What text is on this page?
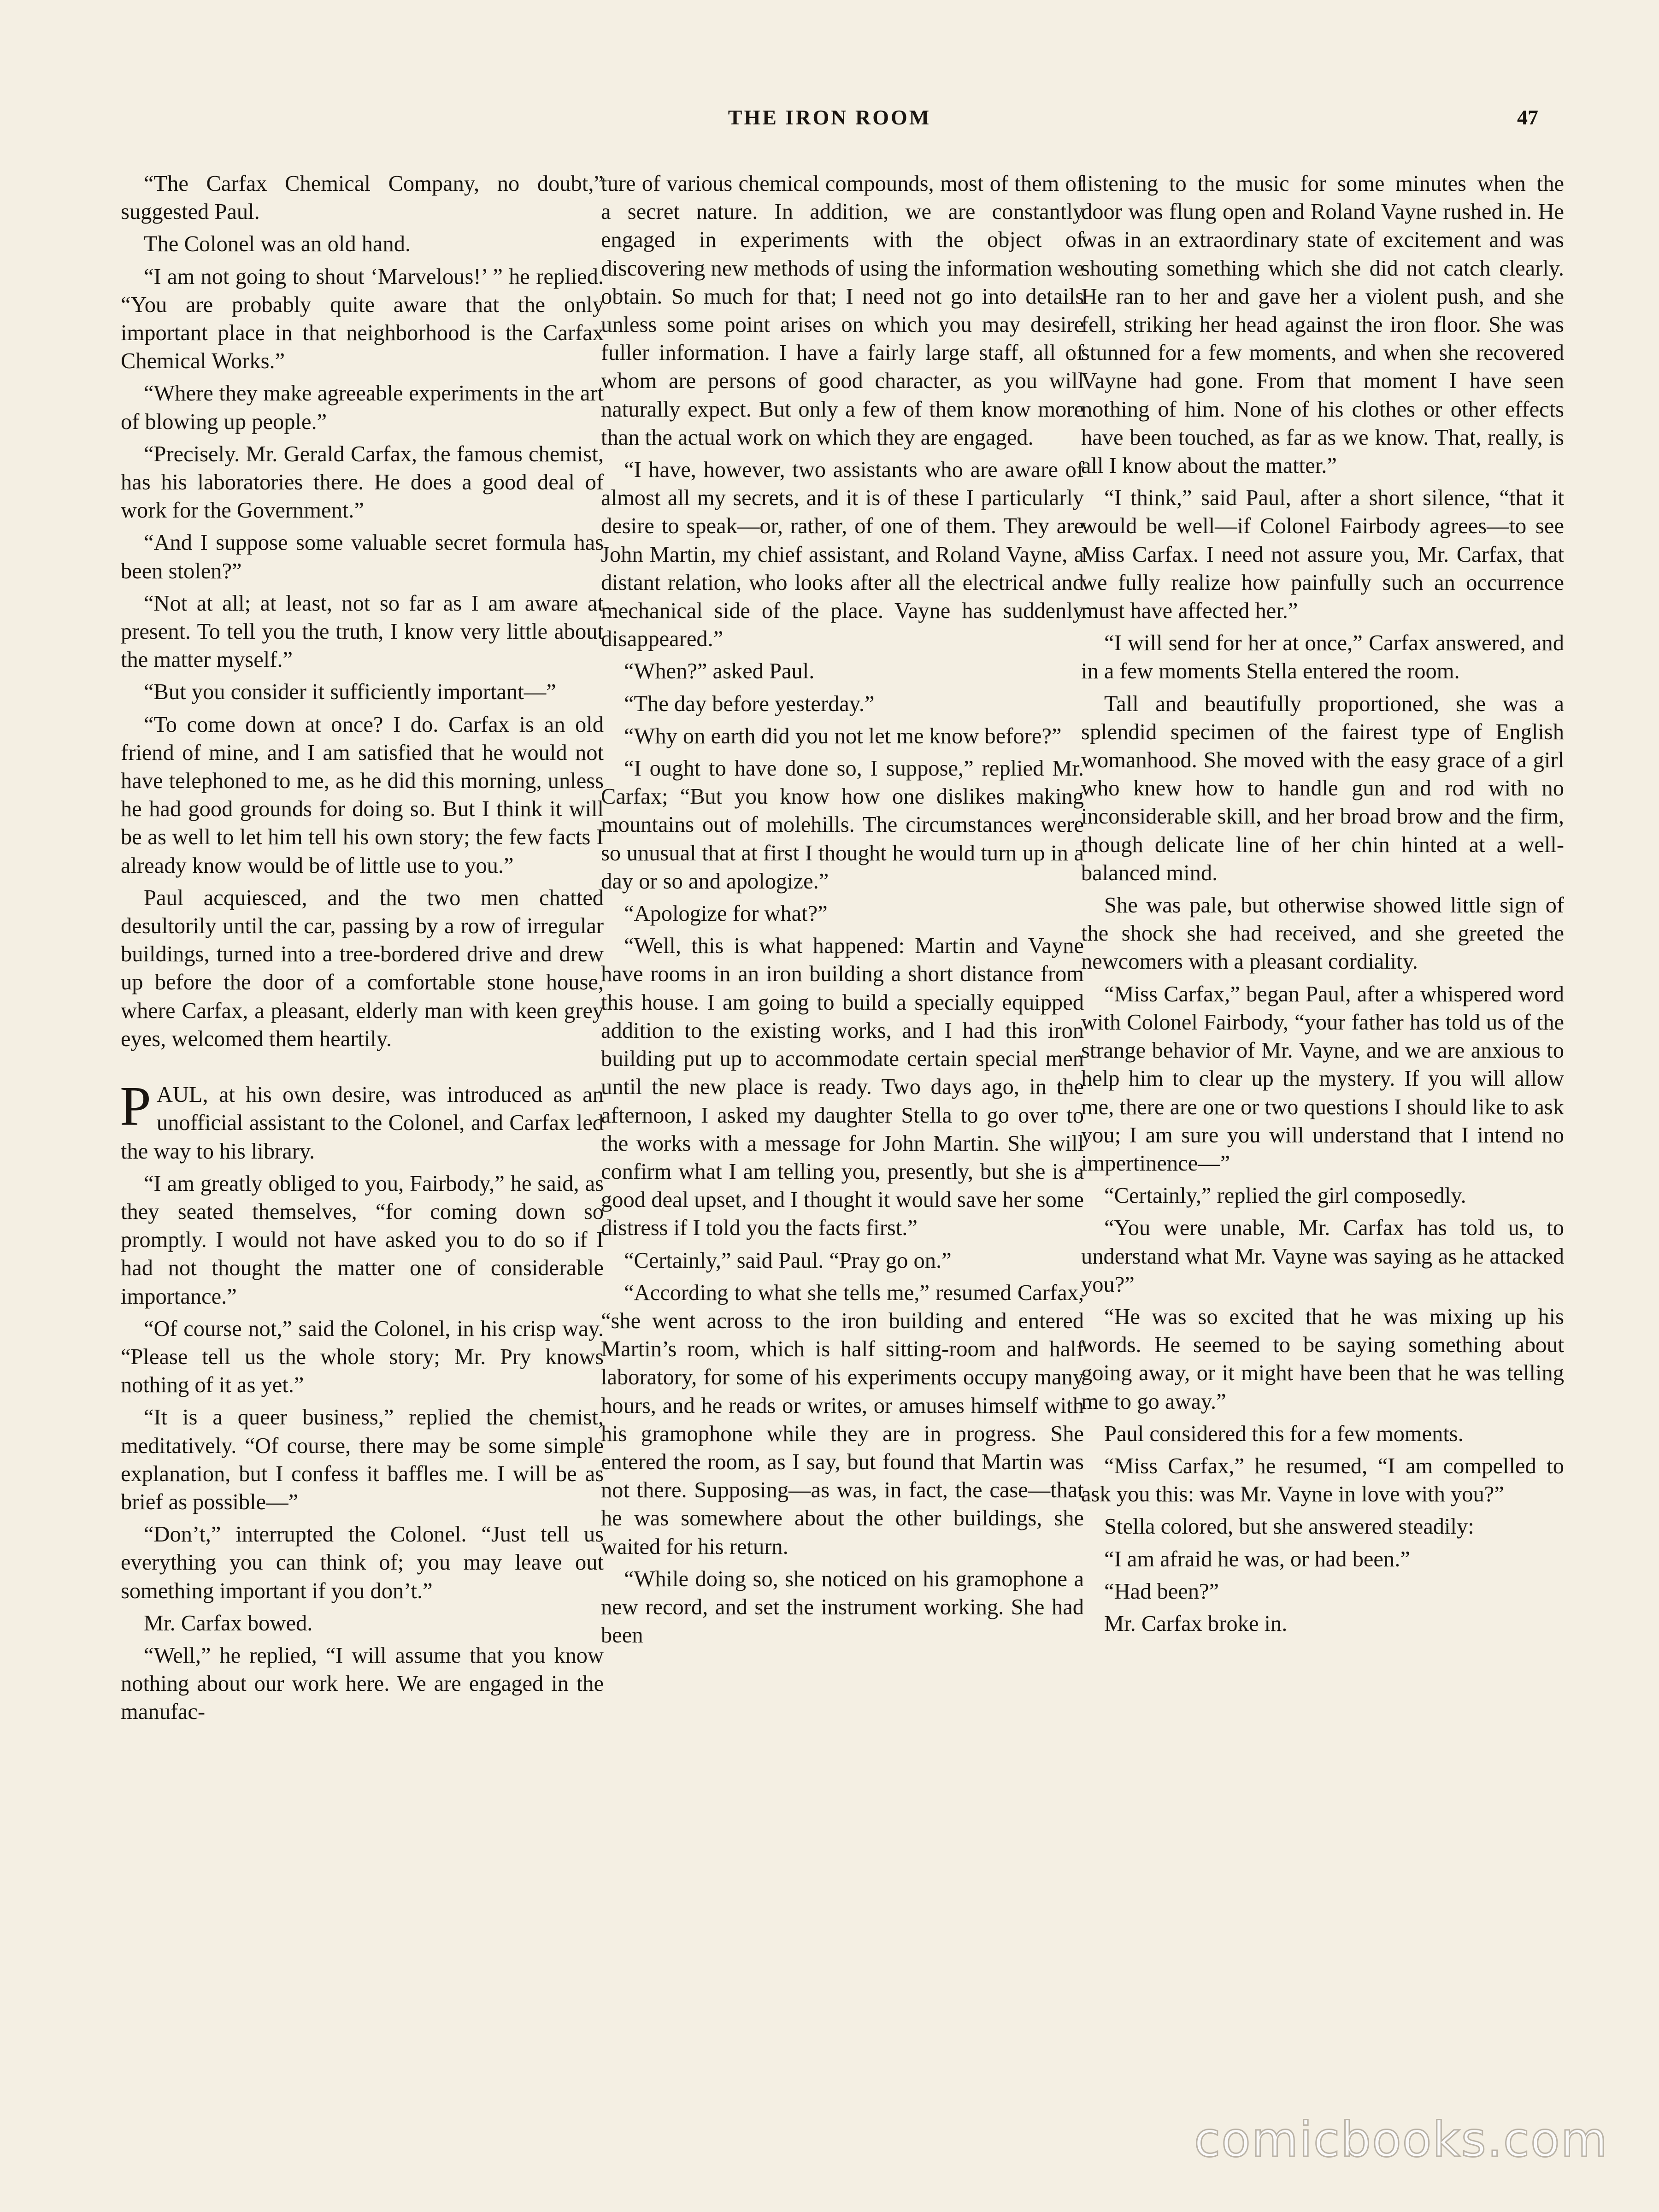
THE IRON ROOM	47

“The Carfax Chemical Company, no doubt,” suggested Paul.

The Colonel was an old hand.

“I am not going to shout ‘Marvelous!’ ” he replied. “You are probably quite aware that the only important place in that neighborhood is the Carfax Chemical Works.”

“Where they make agreeable experiments in the art of blowing up people.”

“Precisely. Mr. Gerald Carfax, the famous chemist, has his laboratories there. He does a good deal of work for the Government.”

“And I suppose some valuable secret formula has been stolen?”

“Not at all; at least, not so far as I am aware at present. To tell you the truth, I know very little about the matter myself.”

“But you consider it sufficiently important—”

“To come down at once? I do. Carfax is an old friend of mine, and I am satisfied that he would not have telephoned to me, as he did this morning, unless he had good grounds for doing so. But I think it will be as well to let him tell his own story; the few facts I already know would be of little use to you.”

Paul acquiesced, and the two men chatted desultorily until the car, passing by a row of irregular buildings, turned into a tree-bordered drive and drew up before the door of a comfortable stone house, where Carfax, a pleasant, elderly man with keen grey eyes, welcomed them heartily.

PAUL, at his own desire, was introduced as an unofficial assistant to the Colonel, and Carfax led the way to his library.

“I am greatly obliged to you, Fairbody,” he said, as they seated themselves, “for coming down so promptly. I would not have asked you to do so if I had not thought the matter one of considerable importance.”

“Of course not,” said the Colonel, in his crisp way. “Please tell us the whole story; Mr. Pry knows nothing of it as yet.”

“It is a queer business,” replied the chemist, meditatively. “Of course, there may be some simple explanation, but I confess it baffles me. I will be as brief as possible—”

“Don’t,” interrupted the Colonel. “Just tell us everything you can think of; you may leave out something important if you don’t.”

Mr. Carfax bowed.

“Well,” he replied, “I will assume that you know nothing about our work here. We are engaged in the manufac-

ture of various chemical compounds, most of them of a secret nature. In addition, we are constantly engaged in experiments with the object of discovering new methods of using the information we obtain. So much for that; I need not go into details unless some point arises on which you may desire fuller information. I have a fairly large staff, all of whom are persons of good character, as you will naturally expect. But only a few of them know more than the actual work on which they are engaged.

“I have, however, two assistants who are aware of almost all my secrets, and it is of these I particularly desire to speak—or, rather, of one of them. They are John Martin, my chief assistant, and Roland Vayne, a distant relation, who looks after all the electrical and mechanical side of the place. Vayne has suddenly disappeared.”

“When?” asked Paul.

“The day before yesterday.”

“Why on earth did you not let me know before?”

“I ought to have done so, I suppose,” replied Mr. Carfax; “But you know how one dislikes making mountains out of molehills. The circumstances were so unusual that at first I thought he would turn up in a day or so and apologize.”

“Apologize for what?”

“Well, this is what happened: Martin and Vayne have rooms in an iron building a short distance from this house. I am going to build a specially equipped addition to the existing works, and I had this iron building put up to accommodate certain special men until the new place is ready. Two days ago, in the afternoon, I asked my daughter Stella to go over to the works with a message for John Martin. She will confirm what I am telling you, presently, but she is a good deal upset, and I thought it would save her some distress if I told you the facts first.”

“Certainly,” said Paul. “Pray go on.”

“According to what she tells me,” resumed Carfax, “she went across to the iron building and entered Martin’s room, which is half sitting-room and half laboratory, for some of his experiments occupy many hours, and he reads or writes, or amuses himself with his gramophone while they are in progress. She entered the room, as I say, but found that Martin was not there. Supposing—as was, in fact, the case—that he was somewhere about the other buildings, she waited for his return.

“While doing so, she noticed on his gramophone a new record, and set the instrument working. She had been

listening to the music for some minutes when the door was flung open and Roland Vayne rushed in. He was in an extraordinary state of excitement and was shouting something which she did not catch clearly. He ran to her and gave her a violent push, and she fell, striking her head against the iron floor. She was stunned for a few moments, and when she recovered Vayne had gone. From that moment I have seen nothing of him. None of his clothes or other effects have been touched, as far as we know. That, really, is all I know about the matter.”

“I think,” said Paul, after a short silence, “that it would be well—if Colonel Fairbody agrees—to see Miss Carfax. I need not assure you, Mr. Carfax, that we fully realize how painfully such an occurrence must have affected her.”

“I will send for her at once,” Carfax answered, and in a few moments Stella entered the room.

Tall and beautifully proportioned, she was a splendid specimen of the fairest type of English womanhood. She moved with the easy grace of a girl who knew how to handle gun and rod with no inconsiderable skill, and her broad brow and the firm, though delicate line of her chin hinted at a well-balanced mind.

She was pale, but otherwise showed little sign of the shock she had received, and she greeted the newcomers with a pleasant cordiality.

“Miss Carfax,” began Paul, after a whispered word with Colonel Fairbody, “your father has told us of the strange behavior of Mr. Vayne, and we are anxious to help him to clear up the mystery. If you will allow me, there are one or two questions I should like to ask you; I am sure you will understand that I intend no impertinence—”

“Certainly,” replied the girl composedly.

“You were unable, Mr. Carfax has told us, to understand what Mr. Vayne was saying as he attacked you?”

“He was so excited that he was mixing up his words. He seemed to be saying something about going away, or it might have been that he was telling me to go away.”

Paul considered this for a few moments.

“Miss Carfax,” he resumed, “I am compelled to ask you this: was Mr. Vayne in love with you?”

Stella colored, but she answered steadily:

“I am afraid he was, or had been.”

“Had been?”

Mr. Carfax broke in.

comicbooks.com
